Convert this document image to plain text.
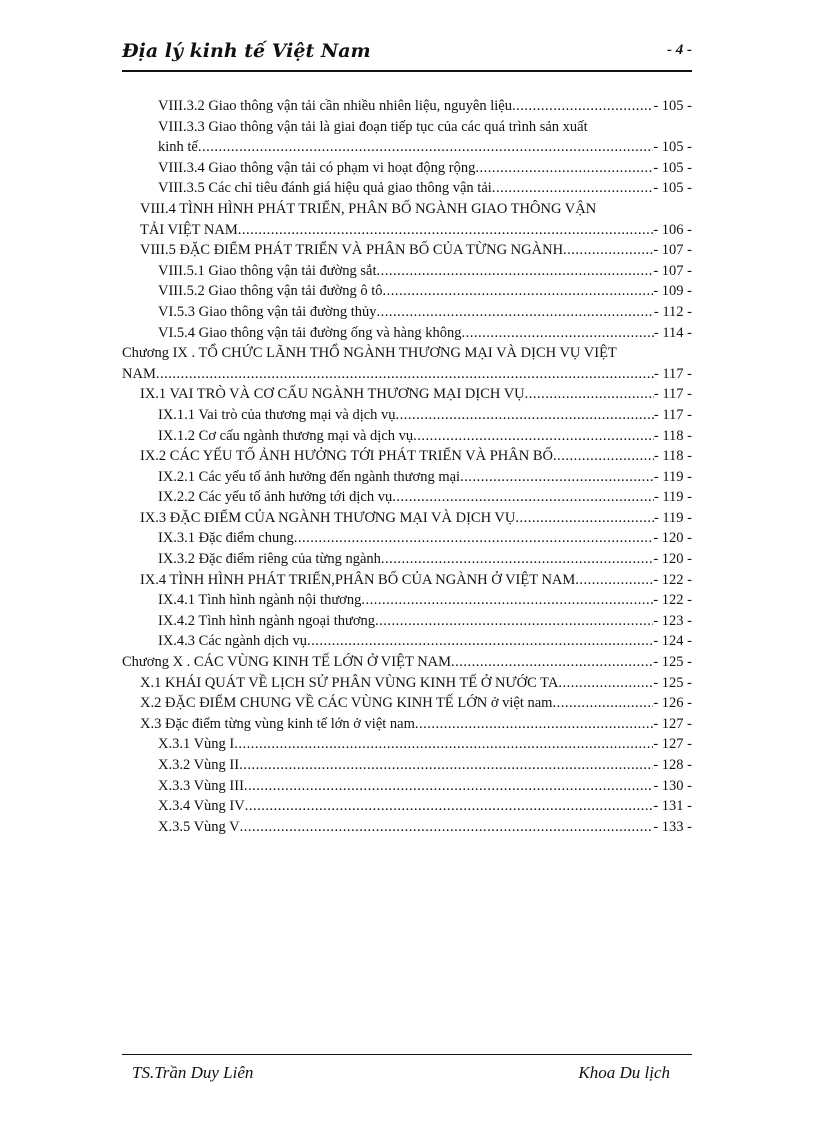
Địa lý kinh tế Việt Nam	- 4 -
VIII.3.2 Giao thông vận tải cần nhiều nhiên liệu, nguyên liệu .....	- 105 -
VIII.3.3 Giao thông vận tải là giai đoạn tiếp tục của các quá trình sản xuất
kinh tế .....	- 105 -
VIII.3.4 Giao thông vận tải có phạm vi hoạt động rộng .....	- 105 -
VIII.3.5 Các chỉ tiêu đánh giá hiệu quả giao thông vận tải .....	- 105 -
VIII.4 TÌNH HÌNH PHÁT TRIỂN, PHÂN BỐ NGÀNH GIAO THÔNG VẬN
TẢI VIỆT NAM .....	- 106 -
VIII.5 ĐẶC ĐIỂM PHÁT TRIỂN VÀ PHÂN BỐ CỦA TỪNG NGÀNH .....	- 107 -
VIII.5.1 Giao thông vận tải đường sắt .....	- 107 -
VIII.5.2 Giao thông vận tải đường ô tô .....	- 109 -
VI.5.3 Giao thông vận tải đường thủy .....	- 112 -
VI.5.4 Giao thông vận tải đường ống và hàng không .....	- 114 -
Chương IX . TỔ CHỨC LÃNH THỔ NGÀNH THƯƠNG MẠI VÀ DỊCH VỤ VIỆT
NAM .....	- 117 -
IX.1 VAI TRÒ VÀ CƠ CẤU NGÀNH THƯƠNG MẠI DỊCH VỤ .....	- 117 -
IX.1.1 Vai trò của thương mại và dịch vụ .....	- 117 -
IX.1.2 Cơ cấu ngành thương mại và dịch vụ .....	- 118 -
IX.2 CÁC YẾU TỐ ẢNH HƯỞNG TỚI PHÁT TRIỂN VÀ PHÂN BỐ .....	- 118 -
IX.2.1 Các yếu tố ảnh hưởng đến ngành thương mại .....	- 119 -
IX.2.2 Các yếu tố ảnh hưởng tới dịch vụ .....	- 119 -
IX.3 ĐẶC ĐIỂM CỦA NGÀNH THƯƠNG MẠI VÀ DỊCH VỤ .....	- 119 -
IX.3.1 Đặc điểm chung .....	- 120 -
IX.3.2 Đặc điểm riêng của từng ngành .....	- 120 -
IX.4 TÌNH HÌNH PHÁT TRIỂN,PHÂN BỐ CỦA NGÀNH Ở VIỆT NAM .....	- 122 -
IX.4.1 Tình hình ngành nội thương .....	- 122 -
IX.4.2 Tình hình ngành ngoại thương .....	- 123 -
IX.4.3 Các ngành dịch vụ .....	- 124 -
Chương X . CÁC VÙNG KINH TẾ LỚN Ở VIỆT NAM .....	- 125 -
X.1 KHÁI QUÁT VỀ LỊCH SỬ PHÂN VÙNG KINH TẾ Ở NƯỚC TA .....	- 125 -
X.2 ĐẶC ĐIỂM CHUNG VỀ CÁC VÙNG KINH TẾ LỚN ở việt nam .....	- 126 -
X.3 Đặc điểm từng vùng kinh tế lớn ở việt nam .....	- 127 -
X.3.1 Vùng I .....	- 127 -
X.3.2 Vùng II .....	- 128 -
X.3.3 Vùng III .....	- 130 -
X.3.4 Vùng IV .....	- 131 -
X.3.5 Vùng V .....	- 133 -
TS.Trần Duy Liên	Khoa Du lịch
